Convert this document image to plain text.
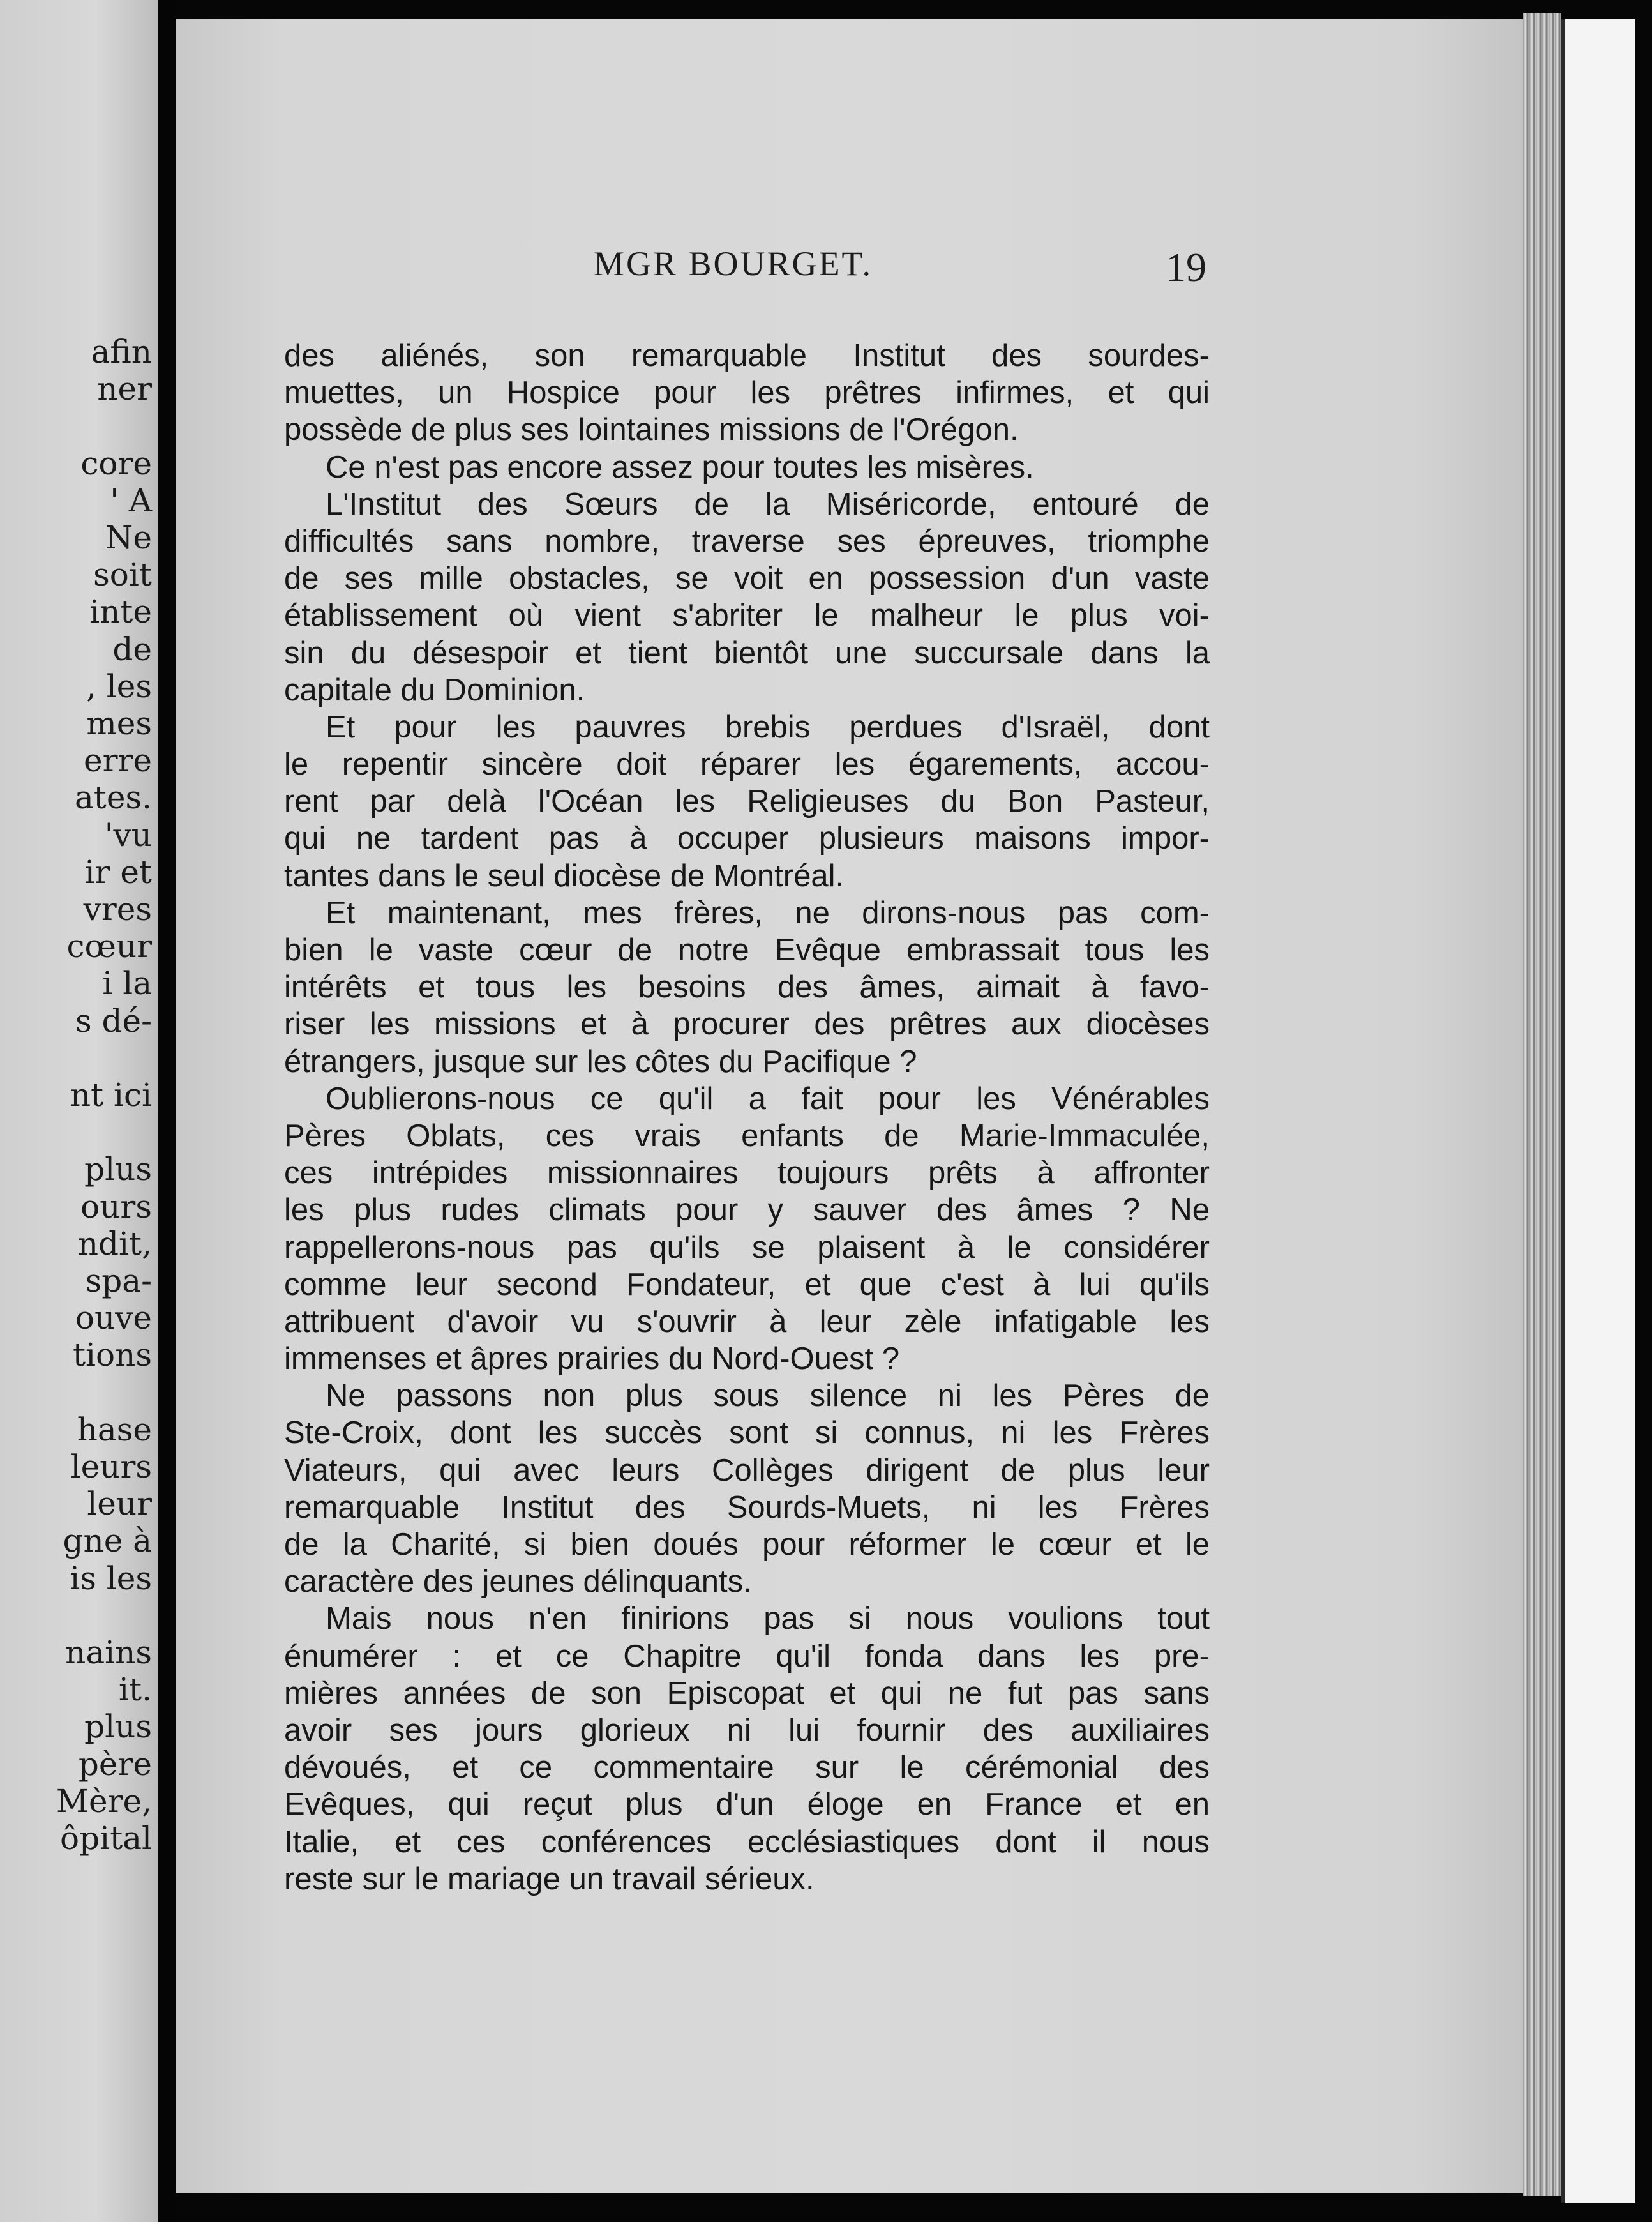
afin
ner
core
' A
Ne
soit
inte
de
, les
mes
erre
ates.
'vu
ir et
vres
cœur
i la
s dé-
nt ici
plus
ours
ndit,
spa-
ouve
tions
hase
leurs
leur
gne à
is les
nains
it.
plus
père
Mère,
ôpital
MGR BOURGET.	19
des aliénés, son remarquable Institut des sourdes-
muettes, un Hospice pour les prêtres infirmes, et qui
possède de plus ses lointaines missions de l'Orégon.
Ce n'est pas encore assez pour toutes les misères.
L'Institut des Sœurs de la Miséricorde, entouré de
difficultés sans nombre, traverse ses épreuves, triomphe
de ses mille obstacles, se voit en possession d'un vaste
établissement où vient s'abriter le malheur le plus voi-
sin du désespoir et tient bientôt une succursale dans la
capitale du Dominion.
Et pour les pauvres brebis perdues d'Israël, dont
le repentir sincère doit réparer les égarements, accou-
rent par delà l'Océan les Religieuses du Bon Pasteur,
qui ne tardent pas à occuper plusieurs maisons impor-
tantes dans le seul diocèse de Montréal.
Et maintenant, mes frères, ne dirons-nous pas com-
bien le vaste cœur de notre Evêque embrassait tous les
intérêts et tous les besoins des âmes, aimait à favo-
riser les missions et à procurer des prêtres aux diocèses
étrangers, jusque sur les côtes du Pacifique ?
Oublierons-nous ce qu'il a fait pour les Vénérables
Pères Oblats, ces vrais enfants de Marie-Immaculée,
ces intrépides missionnaires toujours prêts à affronter
les plus rudes climats pour y sauver des âmes ? Ne
rappellerons-nous pas qu'ils se plaisent à le considérer
comme leur second Fondateur, et que c'est à lui qu'ils
attribuent d'avoir vu s'ouvrir à leur zèle infatigable les
immenses et âpres prairies du Nord-Ouest ?
Ne passons non plus sous silence ni les Pères de
Ste-Croix, dont les succès sont si connus, ni les Frères
Viateurs, qui avec leurs Collèges dirigent de plus leur
remarquable Institut des Sourds-Muets, ni les Frères
de la Charité, si bien doués pour réformer le cœur et le
caractère des jeunes délinquants.
Mais nous n'en finirions pas si nous voulions tout
énumérer : et ce Chapitre qu'il fonda dans les pre-
mières années de son Episcopat et qui ne fut pas sans
avoir ses jours glorieux ni lui fournir des auxiliaires
dévoués, et ce commentaire sur le cérémonial des
Evêques, qui reçut plus d'un éloge en France et en
Italie, et ces conférences ecclésiastiques dont il nous
reste sur le mariage un travail sérieux.
